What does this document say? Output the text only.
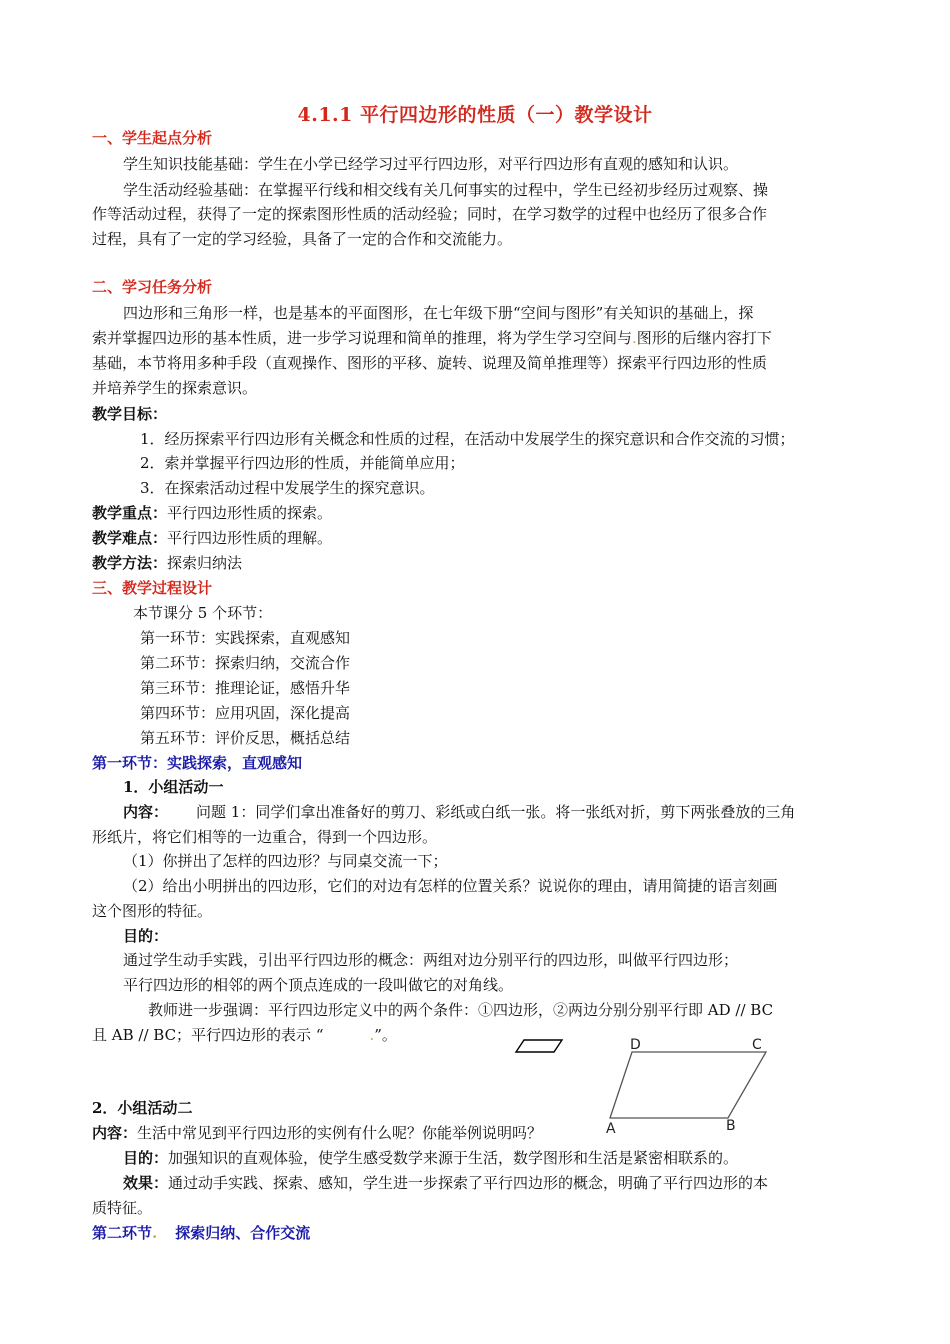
4.1.1 平行四边形的性质（一）教学设计
一、学生起点分析
学生知识技能基础：学生在小学已经学习过平行四边形，对平行四边形有直观的感知和认识。
学生活动经验基础：在掌握平行线和相交线有关几何事实的过程中，学生已经初步经历过观察、操
作等活动过程，获得了一定的探索图形性质的活动经验；同时，在学习数学的过程中也经历了很多合作
过程，具有了一定的学习经验，具备了一定的合作和交流能力。
二、学习任务分析
四边形和三角形一样，也是基本的平面图形，在七年级下册“空间与图形”有关知识的基础上，探
索并掌握四边形的基本性质，进一步学习说理和简单的推理，将为学生学习空间与.图形的后继内容打下
基础，本节将用多种手段（直观操作、图形的平移、旋转、说理及简单推理等）探索平行四边形的性质
并培养学生的探索意识。
教学目标：
1．经历探索平行四边形有关概念和性质的过程，在活动中发展学生的探究意识和合作交流的习惯；
2．索并掌握平行四边形的性质，并能简单应用；
3．在探索活动过程中发展学生的探究意识。
教学重点：平行四边形性质的探索。
教学难点：平行四边形性质的理解。
教学方法：探索归纳法
三、教学过程设计
本节课分 5 个环节：
第一环节：实践探索，直观感知
第二环节：探索归纳，交流合作
第三环节：推理论证，感悟升华
第四环节：应用巩固，深化提高
第五环节：评价反思，概括总结
第一环节：实践探索，直观感知
1．小组活动一
内容： 问题 1：同学们拿出准备好的剪刀、彩纸或白纸一张。将一张纸对折，剪下两张叠放的三角
形纸片，将它们相等的一边重合，得到一个四边形。
（1）你拼出了怎样的四边形？与同桌交流一下；
（2）给出小明拼出的四边形，它们的对边有怎样的位置关系？说说你的理由，请用简捷的语言刻画
这个图形的特征。
目的：
通过学生动手实践，引出平行四边形的概念：两组对边分别平行的四边形，叫做平行四边形；
平行四边形的相邻的两个顶点连成的一段叫做它的对角线。
教师进一步强调：平行四边形定义中的两个条件：①四边形，②两边分别分别平行即 AD // BC
且 AB // BC；平行四边形的表示 “	.”。
D	C
A	B
2．小组活动二
内容：生活中常见到平行四边形的实例有什么呢？你能举例说明吗？
目的：加强知识的直观体验，使学生感受数学来源于生活，数学图形和生活是紧密相联系的。
效果：通过动手实践、探索、感知，学生进一步探索了平行四边形的概念，明确了平行四边形的本
质特征。
第二环节. 探索归纳、合作交流
